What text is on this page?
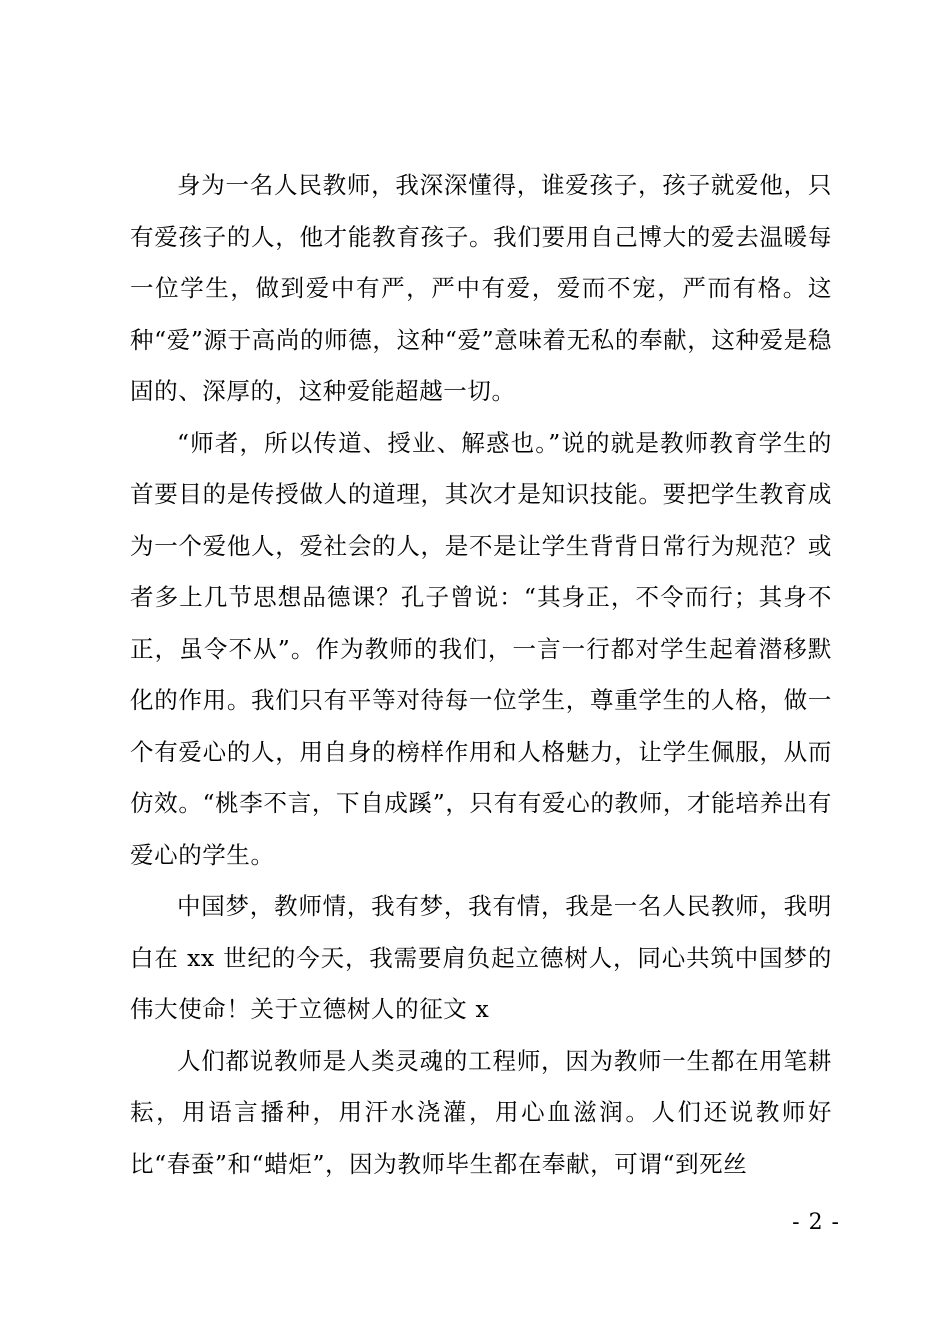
身为一名人民教师，我深深懂得，谁爱孩子，孩子就爱他，只有爱孩子的人，他才能教育孩子。我们要用自己博大的爱去温暖每一位学生，做到爱中有严，严中有爱，爱而不宠，严而有格。这种“爱”源于高尚的师德，这种“爱”意味着无私的奉献，这种爱是稳固的、深厚的，这种爱能超越一切。

“师者，所以传道、授业、解惑也。”说的就是教师教育学生的首要目的是传授做人的道理，其次才是知识技能。要把学生教育成为一个爱他人，爱社会的人，是不是让学生背背日常行为规范？或者多上几节思想品德课？孔子曾说：“其身正，不令而行；其身不正，虽令不从”。作为教师的我们，一言一行都对学生起着潜移默化的作用。我们只有平等对待每一位学生，尊重学生的人格，做一个有爱心的人，用自身的榜样作用和人格魅力，让学生佩服，从而仿效。“桃李不言，下自成蹊”，只有有爱心的教师，才能培养出有爱心的学生。

中国梦，教师情，我有梦，我有情，我是一名人民教师，我明白在 xx 世纪的今天，我需要肩负起立德树人，同心共筑中国梦的伟大使命！关于立德树人的征文 x

人们都说教师是人类灵魂的工程师，因为教师一生都在用笔耕耘，用语言播种，用汗水浇灌，用心血滋润。人们还说教师好比“春蚕”和“蜡炬”，因为教师毕生都在奉献，可谓“到死丝

- 2 -
